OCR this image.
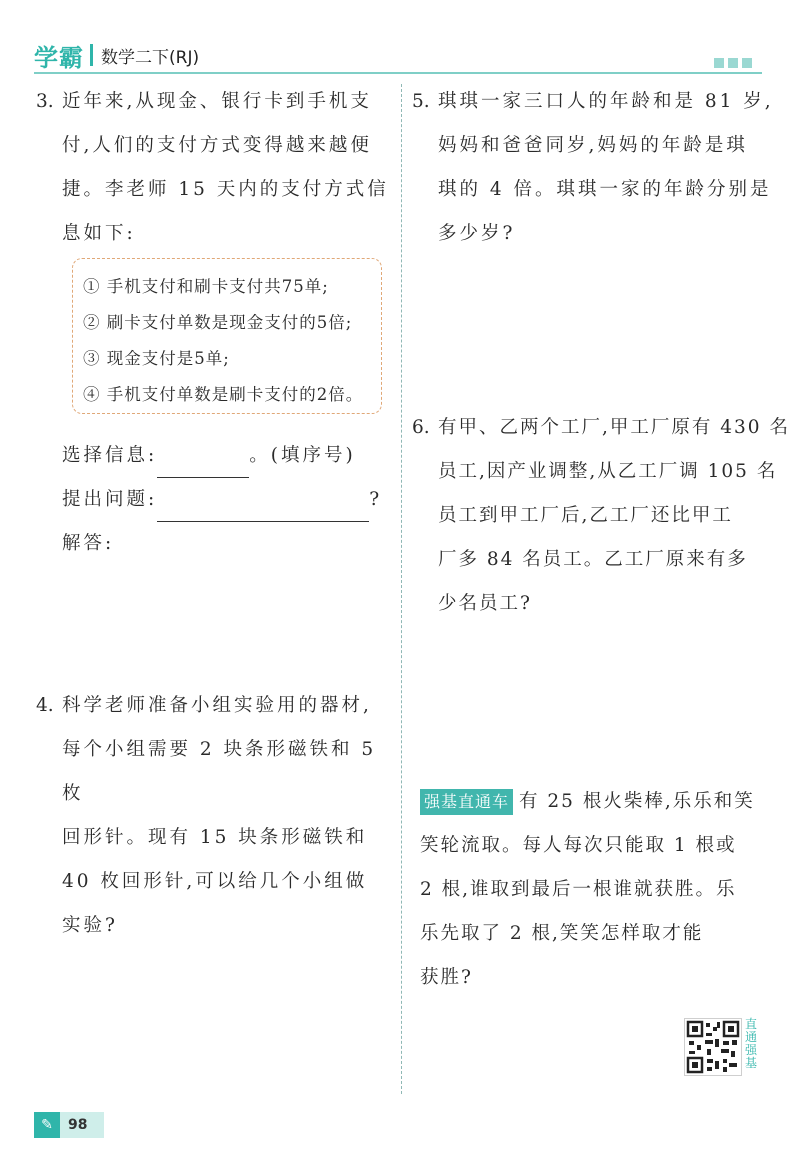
学霸 数学二下(RJ)
3. 近年来,从现金、银行卡到手机支
付,人们的支付方式变得越来越便
捷。李老师 15 天内的支付方式信
息如下:
① 手机支付和刷卡支付共75单;
② 刷卡支付单数是现金支付的5倍;
③ 现金支付是5单;
④ 手机支付单数是刷卡支付的2倍。
选择信息:	。(填序号)
提出问题:	?
解答:
4. 科学老师准备小组实验用的器材,
每个小组需要 2 块条形磁铁和 5 枚
回形针。现有 15 块条形磁铁和
40 枚回形针,可以给几个小组做
实验?
5. 琪琪一家三口人的年龄和是 81 岁,
妈妈和爸爸同岁,妈妈的年龄是琪
琪的 4 倍。琪琪一家的年龄分别是
多少岁?
6. 有甲、乙两个工厂,甲工厂原有 430 名
员工,因产业调整,从乙工厂调 105 名
员工到甲工厂后,乙工厂还比甲工
厂多 84 名员工。乙工厂原来有多
少名员工?
强基直通车 有 25 根火柴棒,乐乐和笑
笑轮流取。每人每次只能取 1 根或
2 根,谁取到最后一根谁就获胜。乐
乐先取了 2 根,笑笑怎样取才能
获胜?
直
通
强
基
✎	98
